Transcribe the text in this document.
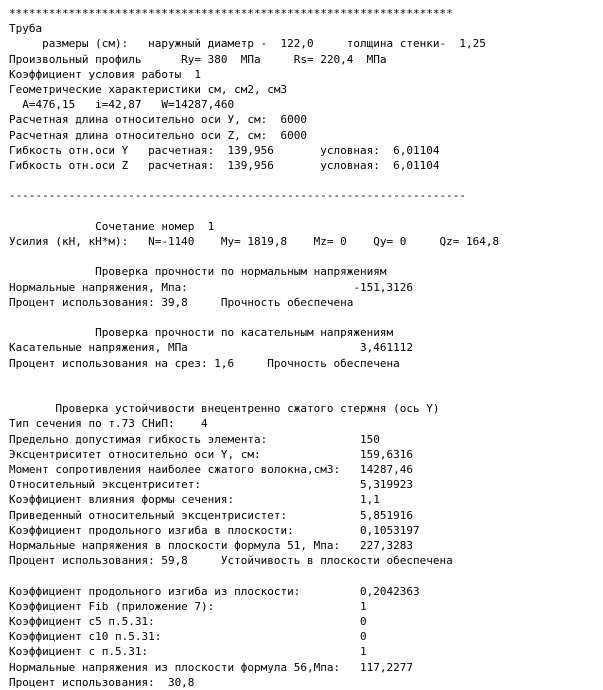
*******************************************************************
Труба
размеры (см):   наружный диаметр -  122,0     толщина стенки-  1,25
Произвольный профиль      Ry= 380  МПа     Rs= 220,4  МПа
Коэффициент условия работы  1
Геометрические характеристики см, см2, см3
A=476,15   i=42,87   W=14287,460
Расчетная длина относительно оси У, см:  6000
Расчетная длина относительно оси Z, см:  6000
Гибкость отн.оси Y   расчетная:  139,956       условная:  6,01104
Гибкость отн.оси Z   расчетная:  139,956       условная:  6,01104
---------------------------------------------------------------------
Сочетание номер  1
Усилия (кН, кН*м):   N=-1140    My= 1819,8    Mz= 0    Qy= 0     Qz= 164,8
Проверка прочности по нормальным напряжениям
Нормальные напряжения, Мпа:                         -151,3126
Процент использования: 39,8     Прочность обеспечена
Проверка прочности по касательным напряжениям
Касательные напряжения, МПа                          3,461112
Процент использования на срез: 1,6     Прочность обеспечена
Проверка устойчивости внецентренно сжатого стержня (ось Y)
Тип сечения по т.73 СНиП:    4
Предельно допустимая гибкость элемента:              150
Эксцентриситет относительно оси Y, см:               159,6316
Момент сопротивления наиболее сжатого волокна,см3:   14287,46
Относительный эксцентриситет:                        5,319923
Коэффициент влияния формы сечения:                   1,1
Приведенный относительный эксцентрисистет:           5,851916
Коэффициент продольного изгиба в плоскости:          0,1053197
Нормальные напряжения в плоскости формула 51, Мпа:   227,3283
Процент использования: 59,8     Устойчивость в плоскости обеспечена
Коэффициент продольного изгиба из плоскости:         0,2042363
Коэффициент Fib (приложение 7):                      1
Коэффициент c5 п.5.31:                               0
Коэффициент c10 п.5.31:                              0
Коэффициент с п.5.31:                                1
Нормальные напряжения из плоскости формула 56,Мпа:   117,2277
Процент использования:  30,8
